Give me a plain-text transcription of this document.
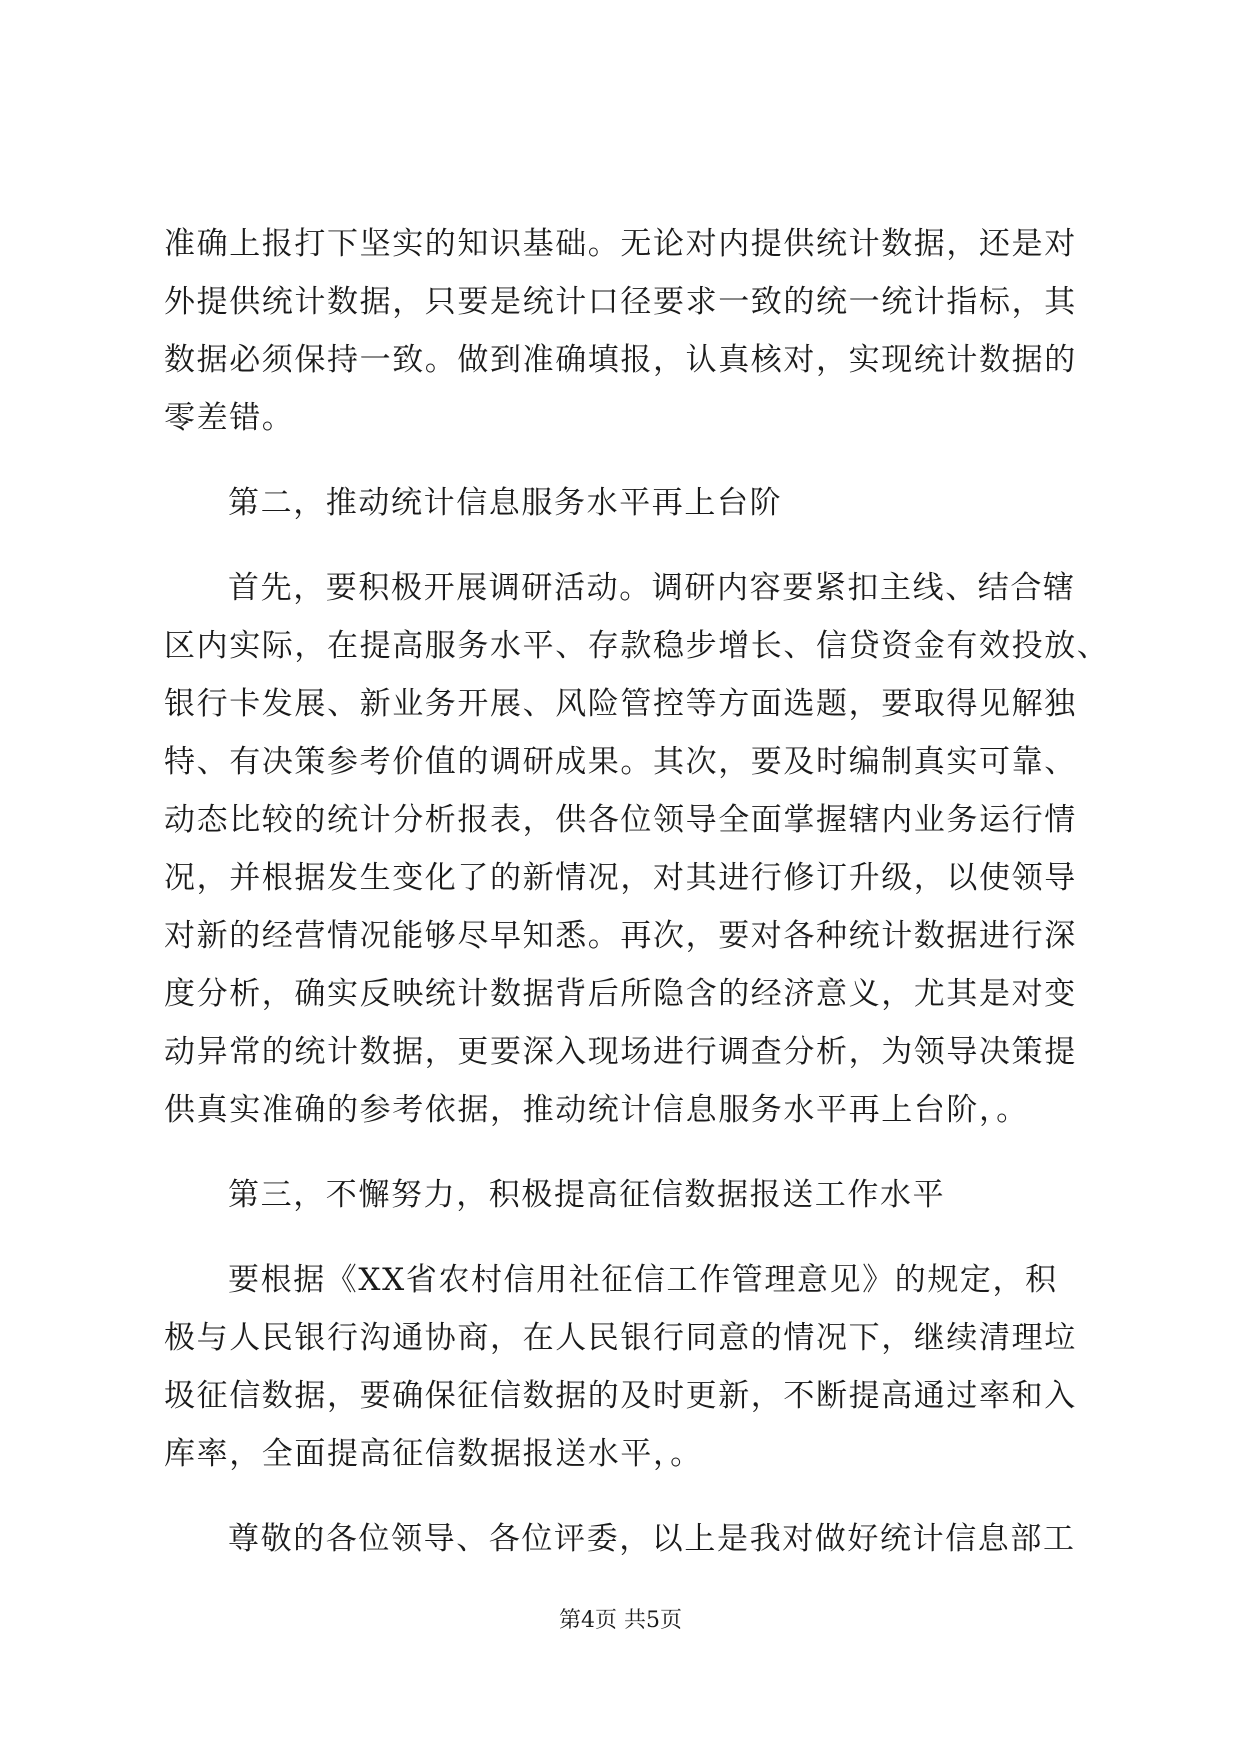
准确上报打下坚实的知识基础。无论对内提供统计数据，还是对
外提供统计数据，只要是统计口径要求一致的统一统计指标，其
数据必须保持一致。做到准确填报，认真核对，实现统计数据的
零差错。
第二，推动统计信息服务水平再上台阶
首先，要积极开展调研活动。调研内容要紧扣主线、结合辖
区内实际，在提高服务水平、存款稳步增长、信贷资金有效投放、
银行卡发展、新业务开展、风险管控等方面选题，要取得见解独
特、有决策参考价值的调研成果。其次，要及时编制真实可靠、
动态比较的统计分析报表，供各位领导全面掌握辖内业务运行情
况，并根据发生变化了的新情况，对其进行修订升级，以使领导
对新的经营情况能够尽早知悉。再次，要对各种统计数据进行深
度分析，确实反映统计数据背后所隐含的经济意义，尤其是对变
动异常的统计数据，更要深入现场进行调查分析，为领导决策提
供真实准确的参考依据，推动统计信息服务水平再上台阶，。
第三，不懈努力，积极提高征信数据报送工作水平
要根据《XX省农村信用社征信工作管理意见》的规定，积
极与人民银行沟通协商，在人民银行同意的情况下，继续清理垃
圾征信数据，要确保征信数据的及时更新，不断提高通过率和入
库率，全面提高征信数据报送水平，。
尊敬的各位领导、各位评委，以上是我对做好统计信息部工
第4页 共5页
